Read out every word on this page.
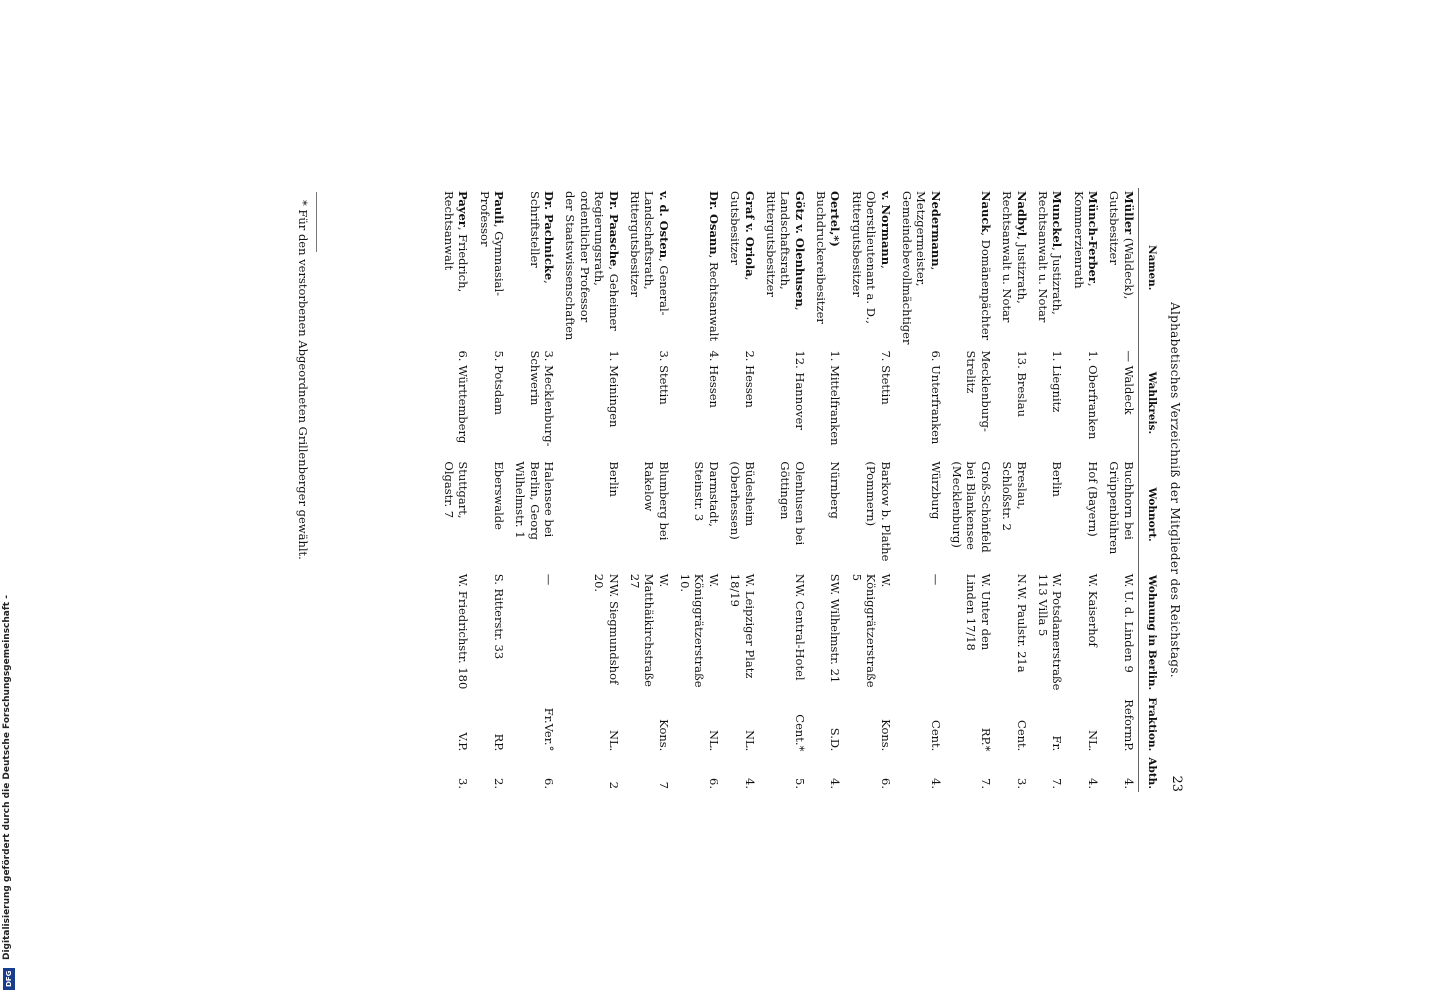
Alphabetisches Verzeichniß der Mitglieder des Reichstags.
23
Namen.	Wahlkreis.	Wohnort.	Wohnung in Berlin.	Fraktion.	Abth.
Müller (Waldeck), Gutsbesitzer	— Waldeck	Buchhorn bei Grüppenbühren	W. U. d. Linden 9	ReformP.	4.
Münch-Ferber, Kommerzienrath	1. Oberfranken	Hof (Bayern)	W. Kaiserhof	NL.	4.
Munckel, Justizrath, Rechtsanwalt u. Notar	1. Liegnitz	Berlin	W. Potsdamerstraße 113 Villa 5	Fr.	7.
Nadbyl, Justizrath, Rechtsanwalt u. Notar	13. Breslau	Breslau, Schloßstr. 2	N.W. Paulstr. 21a	Cent.	3.
Nauck, Domänenpächter	Mecklenburg-Strelitz	Groß-Schönfeld bei Blankensee (Mecklenburg)	W. Unter den Linden 17/18	RP.*	7.
Nedermann, Metzgermeister, Gemeindebevollmächtiger	6. Unterfranken	Würzburg	—	Cent.	4.
v. Normann, Oberstlieutenant a. D., Rittergutsbesitzer	7. Stettin	Barkow b. Plathe (Pommern)	W. Königgrätzerstraße 5	Kons.	6.
Oertel,*) Buchdruckereibesitzer	1. Mittelfranken	Nürnberg	SW. Wilhelmstr. 21	S.D.	4.
Götz v. Olenhusen, Landschaftsrath, Rittergutsbesitzer	12. Hannover	Olenhusen bei Göttingen	NW. Central-Hotel	Cent.*	5.
Graf v. Oriola, Gutsbesitzer	2. Hessen	Büdesheim (Oberhessen)	W. Leipziger Platz 18/19	NL.	4.
Dr. Osann, Rechtsanwalt	4. Hessen	Darmstadt, Steinstr. 3	W. Königgrätzerstraße 10.	NL.	6.
v. d. Osten, General-Landschaftsrath, Rittergutsbesitzer	3. Stettin	Blumberg bei Rakelow	W. Matthäikirchstraße 27	Kons.	7
Dr. Paasche, Geheimer Regierungsrath, ordentlicher Professor der Staatswissenschaften	1. Meiningen	Berlin	NW. Siegmundshof 20.	NL.	2
Dr. Pachnicke, Schriftsteller	3. Mecklenburg-Schwerin	Halensee bei Berlin, Georg Wilhelmstr. 1	—	Fr.Ver.°	6.
Pauli, Gymnasial-Professor	5. Potsdam	Eberswalde	S. Ritterstr. 33	RP.	2.
Payer, Friedrich, Rechtsanwalt	6. Württemberg	Stuttgart, Olgastr. 7	W. Friedrichstr. 180	V.P.	3.
* Für den verstorbenen Abgeordneten Grillenberger gewählt.
Digitalisierung gefördert durch die Deutsche Forschungsgemeinschaft -
DFG
